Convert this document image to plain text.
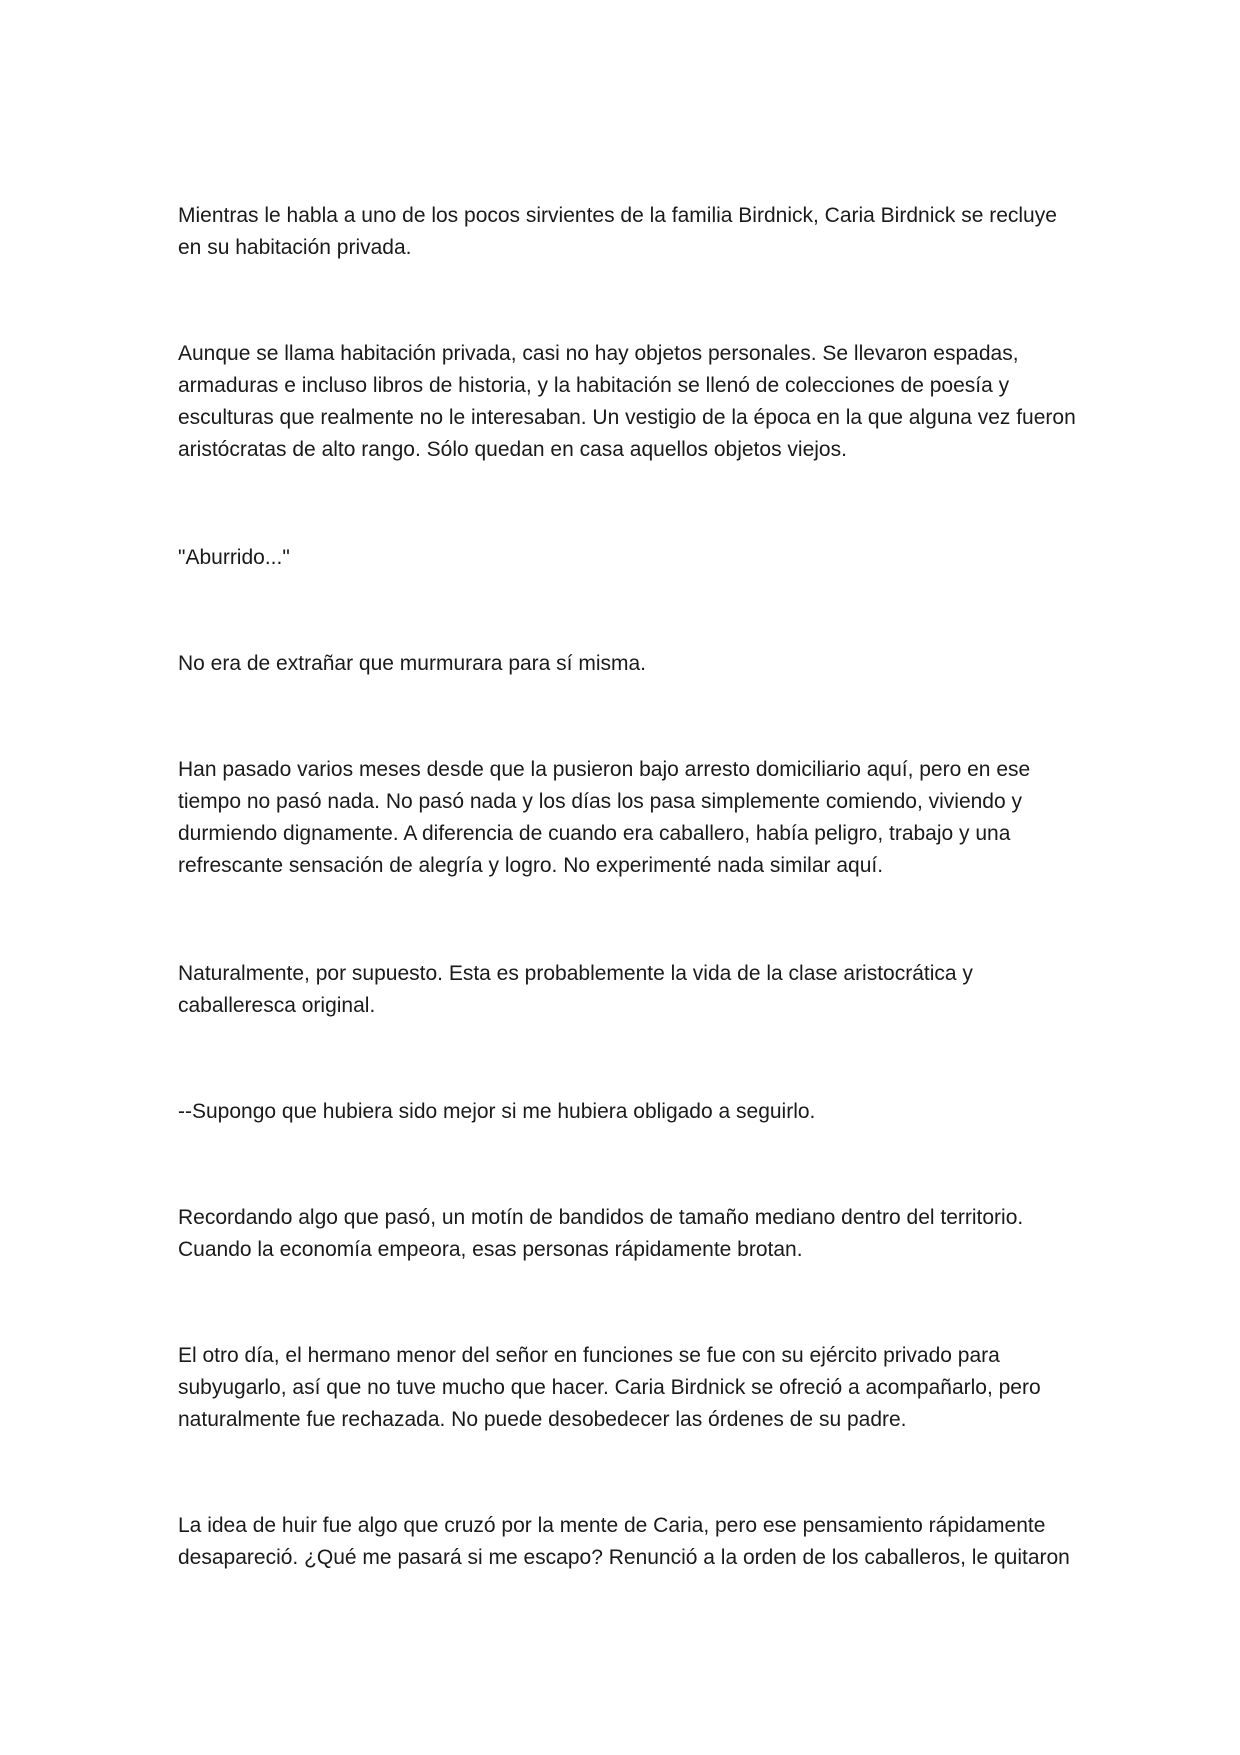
Mientras le habla a uno de los pocos sirvientes de la familia Birdnick, Caria Birdnick se recluye en su habitación privada.

Aunque se llama habitación privada, casi no hay objetos personales. Se llevaron espadas, armaduras e incluso libros de historia, y la habitación se llenó de colecciones de poesía y esculturas que realmente no le interesaban. Un vestigio de la época en la que alguna vez fueron aristócratas de alto rango. Sólo quedan en casa aquellos objetos viejos.

"Aburrido..."

No era de extrañar que murmurara para sí misma.

Han pasado varios meses desde que la pusieron bajo arresto domiciliario aquí, pero en ese tiempo no pasó nada. No pasó nada y los días los pasa simplemente comiendo, viviendo y durmiendo dignamente. A diferencia de cuando era caballero, había peligro, trabajo y una refrescante sensación de alegría y logro. No experimenté nada similar aquí.

Naturalmente, por supuesto. Esta es probablemente la vida de la clase aristocrática y caballeresca original.

--Supongo que hubiera sido mejor si me hubiera obligado a seguirlo.

Recordando algo que pasó, un motín de bandidos de tamaño mediano dentro del territorio. Cuando la economía empeora, esas personas rápidamente brotan.

El otro día, el hermano menor del señor en funciones se fue con su ejército privado para subyugarlo, así que no tuve mucho que hacer. Caria Birdnick se ofreció a acompañarlo, pero naturalmente fue rechazada. No puede desobedecer las órdenes de su padre.

La idea de huir fue algo que cruzó por la mente de Caria, pero ese pensamiento rápidamente desapareció. ¿Qué me pasará si me escapo? Renunció a la orden de los caballeros, le quitaron
